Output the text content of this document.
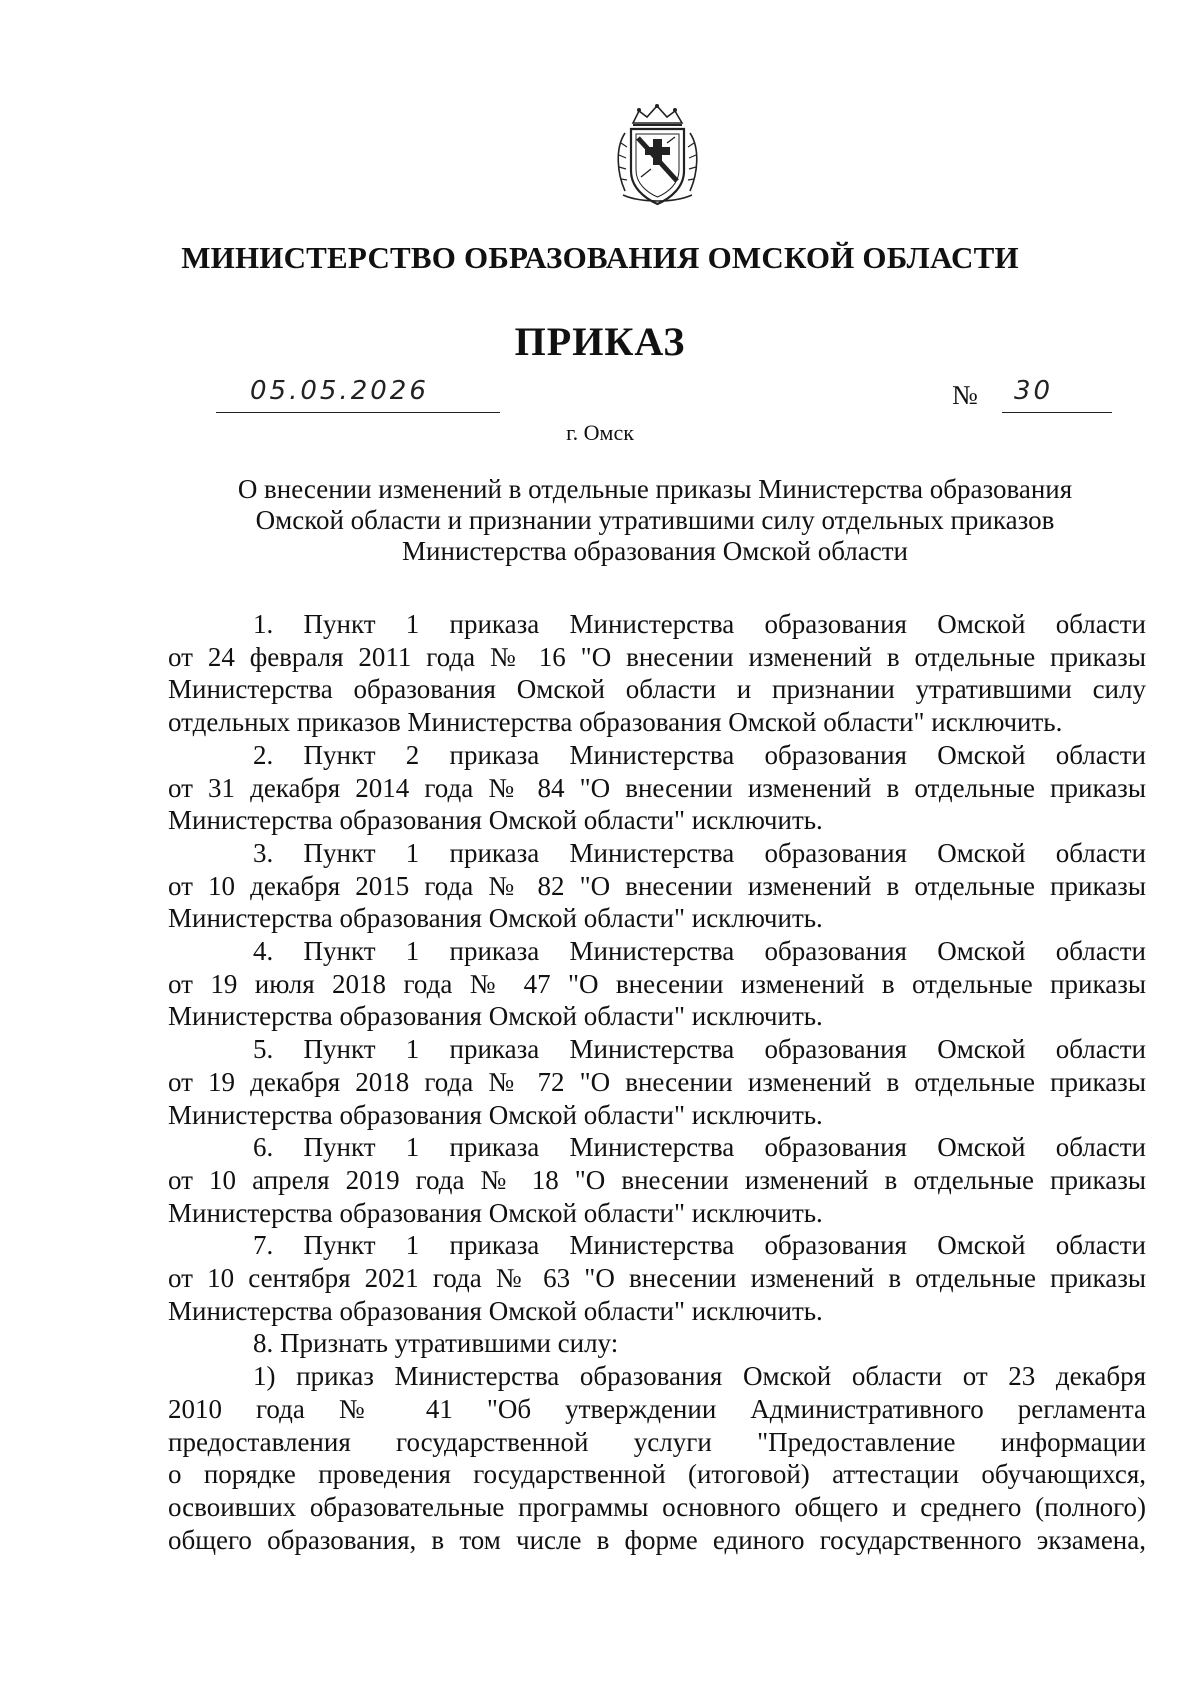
МИНИСТЕРСТВО ОБРАЗОВАНИЯ ОМСКОЙ ОБЛАСТИ
ПРИКАЗ
05.05.2026	№ 30
г. Омск
О внесении изменений в отдельные приказы Министерства образования
Омской области и признании утратившими силу отдельных приказов
Министерства образования Омской области

1. Пункт 1 приказа Министерства образования Омской области
от 24 февраля 2011 года № 16 "О внесении изменений в отдельные приказы
Министерства образования Омской области и признании утратившими силу
отдельных приказов Министерства образования Омской области" исключить.

2. Пункт 2 приказа Министерства образования Омской области
от 31 декабря 2014 года № 84 "О внесении изменений в отдельные приказы
Министерства образования Омской области" исключить.

3. Пункт 1 приказа Министерства образования Омской области
от 10 декабря 2015 года № 82 "О внесении изменений в отдельные приказы
Министерства образования Омской области" исключить.

4. Пункт 1 приказа Министерства образования Омской области
от 19 июля 2018 года № 47 "О внесении изменений в отдельные приказы
Министерства образования Омской области" исключить.

5. Пункт 1 приказа Министерства образования Омской области
от 19 декабря 2018 года № 72 "О внесении изменений в отдельные приказы
Министерства образования Омской области" исключить.

6. Пункт 1 приказа Министерства образования Омской области
от 10 апреля 2019 года № 18 "О внесении изменений в отдельные приказы
Министерства образования Омской области" исключить.

7. Пункт 1 приказа Министерства образования Омской области
от 10 сентября 2021 года № 63 "О внесении изменений в отдельные приказы
Министерства образования Омской области" исключить.

8. Признать утратившими силу:

1) приказ Министерства образования Омской области от 23 декабря
2010 года № 41 "Об утверждении Административного регламента
предоставления государственной услуги "Предоставление информации
о порядке проведения государственной (итоговой) аттестации обучающихся,
освоивших образовательные программы основного общего и среднего (полного)
общего образования, в том числе в форме единого государственного экзамена,
